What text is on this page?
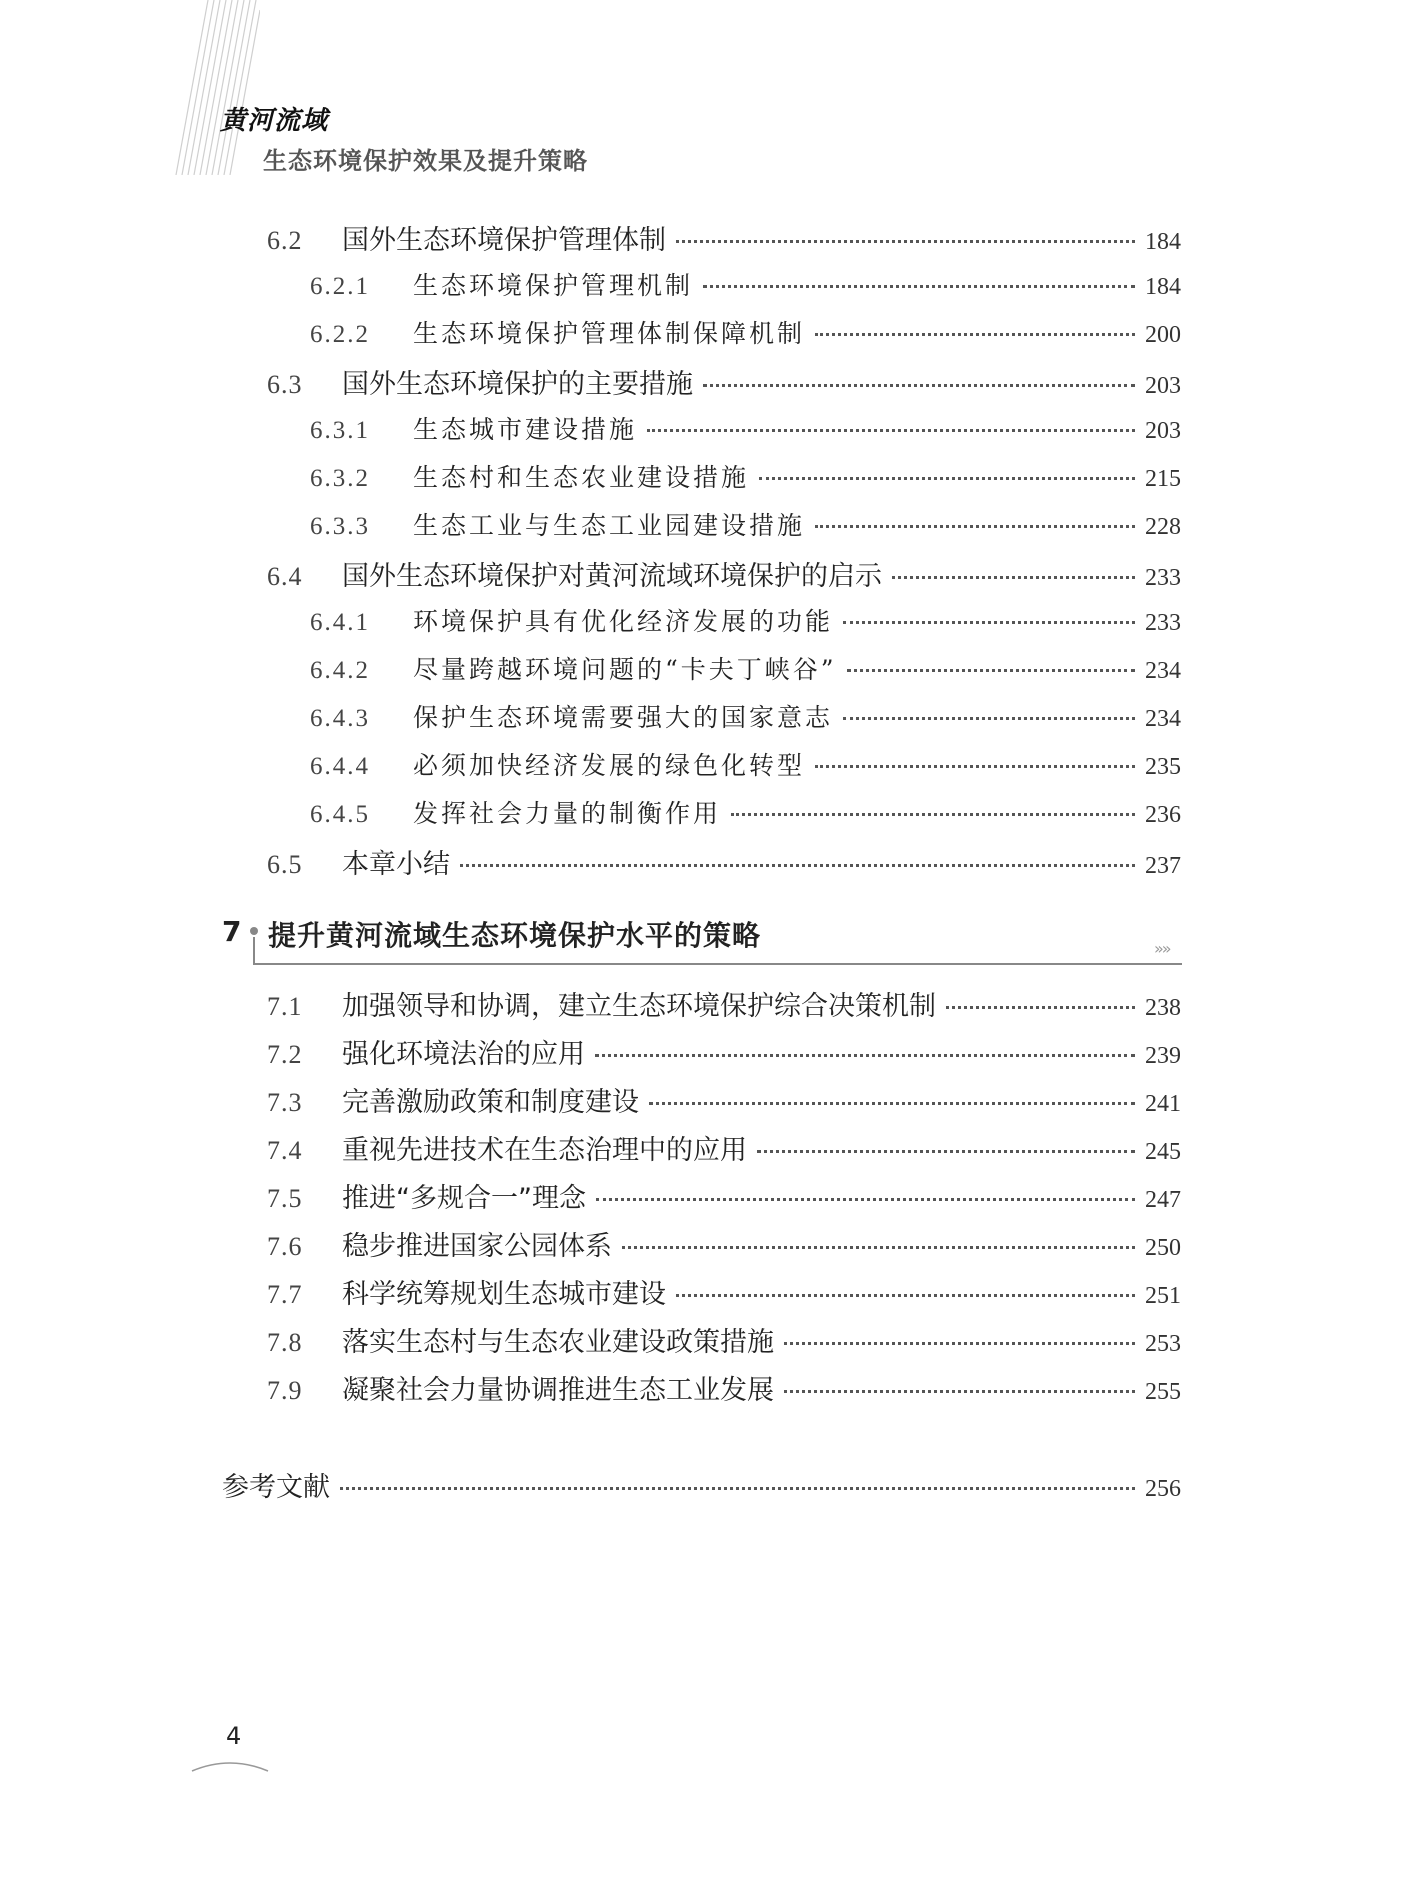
黄河流域
生态环境保护效果及提升策略
6.2	国外生态环境保护管理体制	184
6.2.1	生态环境保护管理机制	184
6.2.2	生态环境保护管理体制保障机制	200
6.3	国外生态环境保护的主要措施	203
6.3.1	生态城市建设措施	203
6.3.2	生态村和生态农业建设措施	215
6.3.3	生态工业与生态工业园建设措施	228
6.4	国外生态环境保护对黄河流域环境保护的启示	233
6.4.1	环境保护具有优化经济发展的功能	233
6.4.2	尽量跨越环境问题的“卡夫丁峡谷”	234
6.4.3	保护生态环境需要强大的国家意志	234
6.4.4	必须加快经济发展的绿色化转型	235
6.4.5	发挥社会力量的制衡作用	236
6.5	本章小结	237
7 提升黄河流域生态环境保护水平的策略	»»
7.1	加强领导和协调，建立生态环境保护综合决策机制	238
7.2	强化环境法治的应用	239
7.3	完善激励政策和制度建设	241
7.4	重视先进技术在生态治理中的应用	245
7.5	推进“多规合一”理念	247
7.6	稳步推进国家公园体系	250
7.7	科学统筹规划生态城市建设	251
7.8	落实生态村与生态农业建设政策措施	253
7.9	凝聚社会力量协调推进生态工业发展	255
参考文献	256
4
